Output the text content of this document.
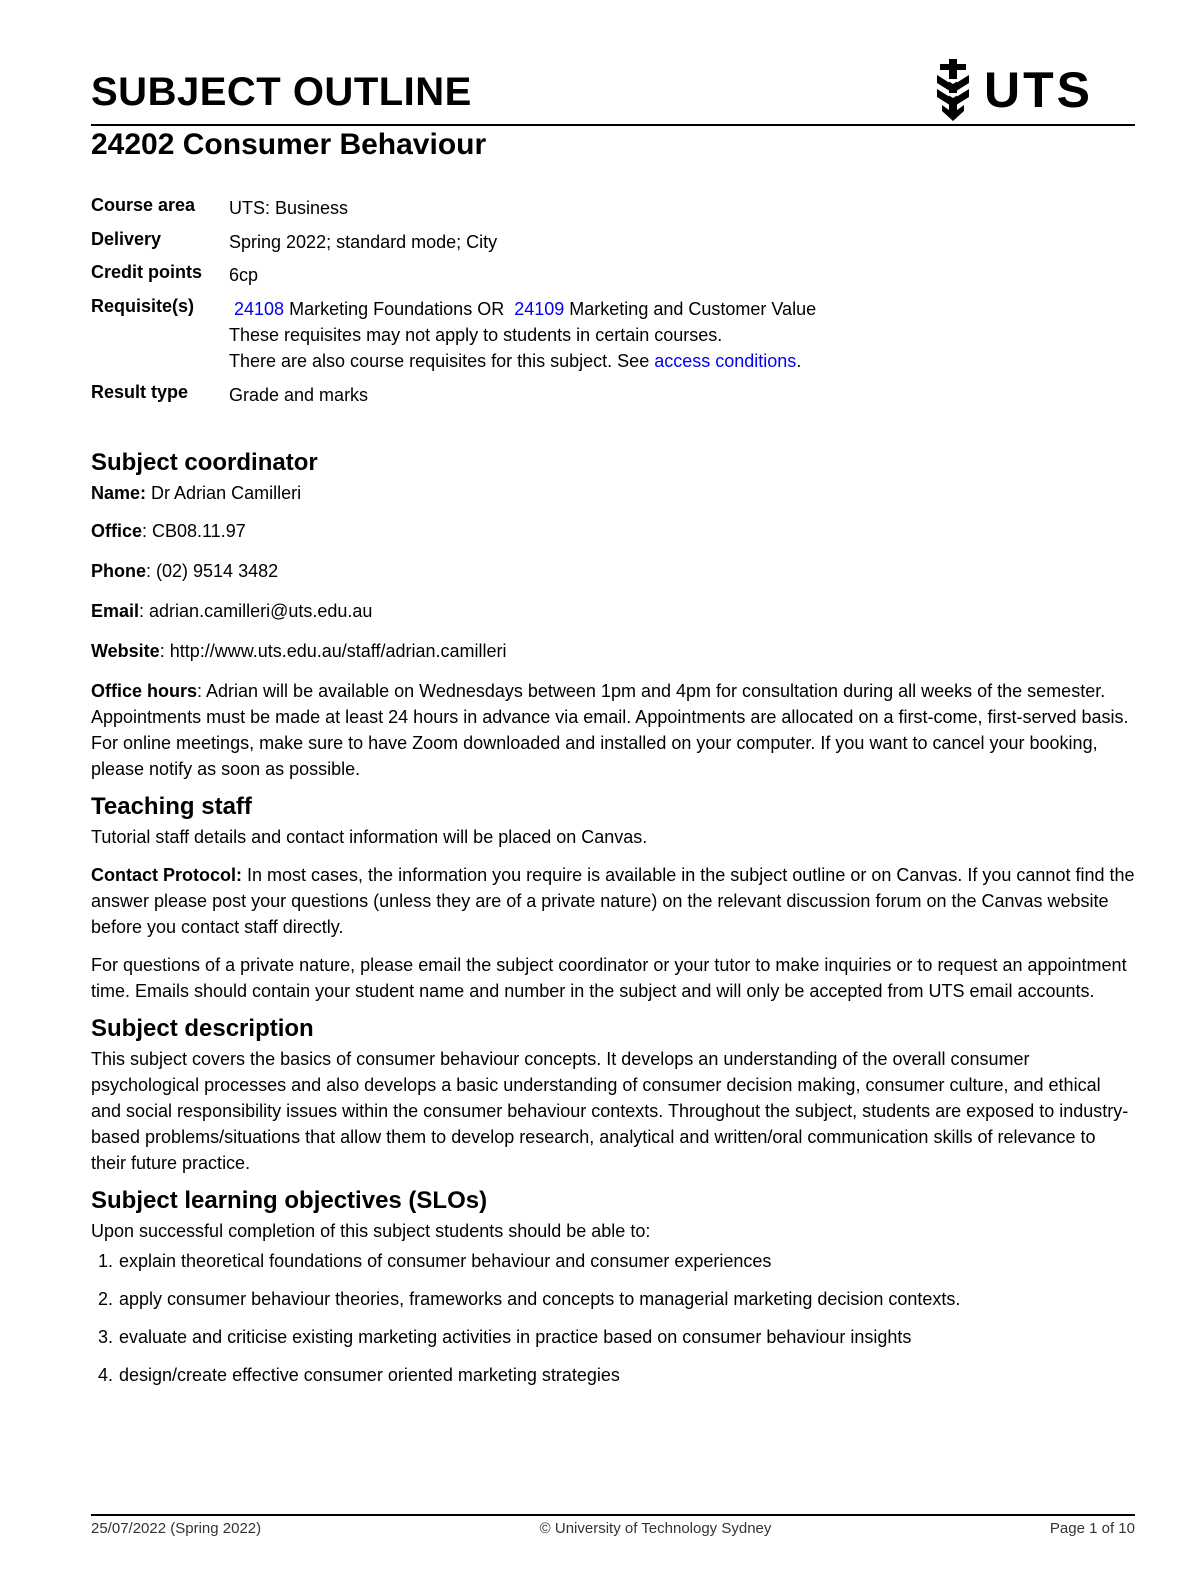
SUBJECT OUTLINE	UTS
24202 Consumer Behaviour
Course area	UTS: Business
Delivery	Spring 2022; standard mode; City
Credit points	6cp
Requisite(s)	24108 Marketing Foundations OR 24109 Marketing and Customer Value
These requisites may not apply to students in certain courses.
There are also course requisites for this subject. See access conditions.
Result type	Grade and marks
Subject coordinator

Name: Dr Adrian Camilleri

Office: CB08.11.97

Phone: (02) 9514 3482

Email: adrian.camilleri@uts.edu.au

Website: http://www.uts.edu.au/staff/adrian.camilleri

Office hours: Adrian will be available on Wednesdays between 1pm and 4pm for consultation during all weeks of the semester. Appointments must be made at least 24 hours in advance via email. Appointments are allocated on a first-come, first-served basis. For online meetings, make sure to have Zoom downloaded and installed on your computer. If you want to cancel your booking, please notify as soon as possible.

Teaching staff

Tutorial staff details and contact information will be placed on Canvas.

Contact Protocol: In most cases, the information you require is available in the subject outline or on Canvas. If you cannot find the answer please post your questions (unless they are of a private nature) on the relevant discussion forum on the Canvas website before you contact staff directly.

For questions of a private nature, please email the subject coordinator or your tutor to make inquiries or to request an appointment time. Emails should contain your student name and number in the subject and will only be accepted from UTS email accounts.

Subject description

This subject covers the basics of consumer behaviour concepts. It develops an understanding of the overall consumer psychological processes and also develops a basic understanding of consumer decision making, consumer culture, and ethical and social responsibility issues within the consumer behaviour contexts. Throughout the subject, students are exposed to industry-based problems/situations that allow them to develop research, analytical and written/oral communication skills of relevance to their future practice.

Subject learning objectives (SLOs)

Upon successful completion of this subject students should be able to:

1. explain theoretical foundations of consumer behaviour and consumer experiences
2. apply consumer behaviour theories, frameworks and concepts to managerial marketing decision contexts.
3. evaluate and criticise existing marketing activities in practice based on consumer behaviour insights
4. design/create effective consumer oriented marketing strategies
25/07/2022 (Spring 2022)	© University of Technology Sydney	Page 1 of 10
